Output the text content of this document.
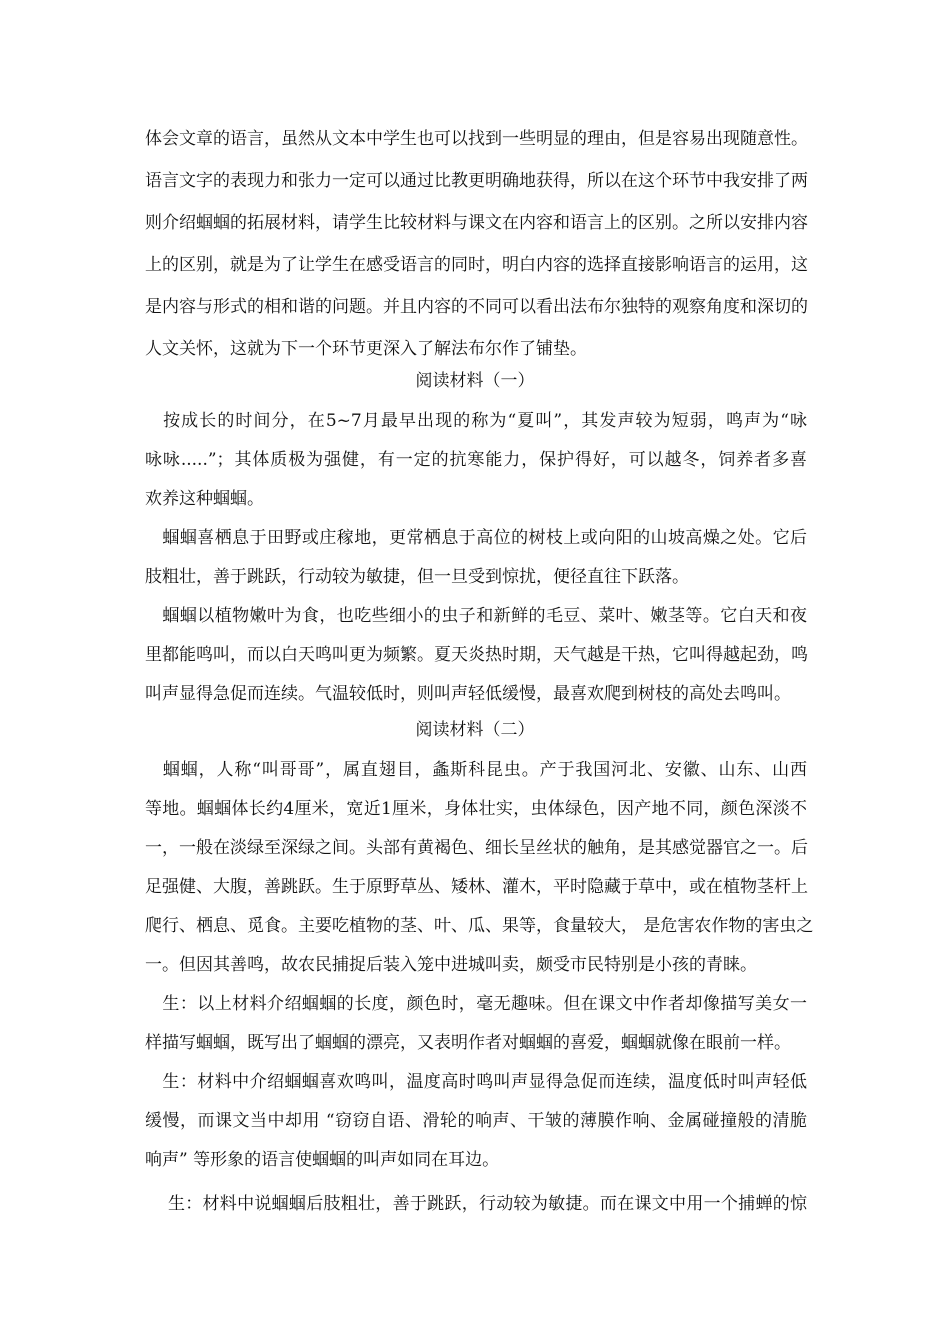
体会文章的语言，虽然从文本中学生也可以找到一些明显的理由，但是容易出现随意性。
语言文字的表现力和张力一定可以通过比教更明确地获得，所以在这个环节中我安排了两
则介绍蝈蝈的拓展材料，请学生比较材料与课文在内容和语言上的区别。之所以安排内容
上的区别，就是为了让学生在感受语言的同时，明白内容的选择直接影响语言的运用，这
是内容与形式的相和谐的问题。并且内容的不同可以看出法布尔独特的观察角度和深切的
人文关怀，这就为下一个环节更深入了解法布尔作了铺垫。
阅读材料（一）
　按成长的时间分，在5~7月最早出现的称为“夏叫”，其发声较为短弱，鸣声为“咏
咏咏.....”；其体质极为强健，有一定的抗寒能力，保护得好，可以越冬，饲养者多喜
欢养这种蝈蝈。
　蝈蝈喜栖息于田野或庄稼地，更常栖息于高位的树枝上或向阳的山坡高燥之处。它后
肢粗壮，善于跳跃，行动较为敏捷，但一旦受到惊扰，便径直往下跃落。
　蝈蝈以植物嫩叶为食，也吃些细小的虫子和新鲜的毛豆、菜叶、嫩茎等。它白天和夜
里都能鸣叫，而以白天鸣叫更为频繁。夏天炎热时期，天气越是干热，它叫得越起劲，鸣
叫声显得急促而连续。气温较低时，则叫声轻低缓慢，最喜欢爬到树枝的高处去鸣叫。
阅读材料（二）
　蝈蝈，人称“叫哥哥”，属直翅目，螽斯科昆虫。产于我国河北、安徽、山东、山西
等地。蝈蝈体长约4厘米，宽近1厘米，身体壮实，虫体绿色，因产地不同，颜色深淡不
一，一般在淡绿至深绿之间。头部有黄褐色、细长呈丝状的触角，是其感觉器官之一。后
足强健、大腹，善跳跃。生于原野草丛、矮林、灌木，平时隐藏于草中，或在植物茎杆上
爬行、栖息、觅食。主要吃植物的茎、叶、瓜、果等，食量较大， 是危害农作物的害虫之
一。但因其善鸣，故农民捕捉后装入笼中进城叫卖，颇受市民特别是小孩的青睐。
　生：以上材料介绍蝈蝈的长度，颜色时，毫无趣味。但在课文中作者却像描写美女一
样描写蝈蝈，既写出了蝈蝈的漂亮，又表明作者对蝈蝈的喜爱，蝈蝈就像在眼前一样。
　生：材料中介绍蝈蝈喜欢鸣叫，温度高时鸣叫声显得急促而连续，温度低时叫声轻低
缓慢，而课文当中却用 “窃窃自语、滑轮的响声、干皱的薄膜作响、金属碰撞般的清脆
响声” 等形象的语言使蝈蝈的叫声如同在耳边。
　 生：材料中说蝈蝈后肢粗壮，善于跳跃，行动较为敏捷。而在课文中用一个捕蝉的惊
